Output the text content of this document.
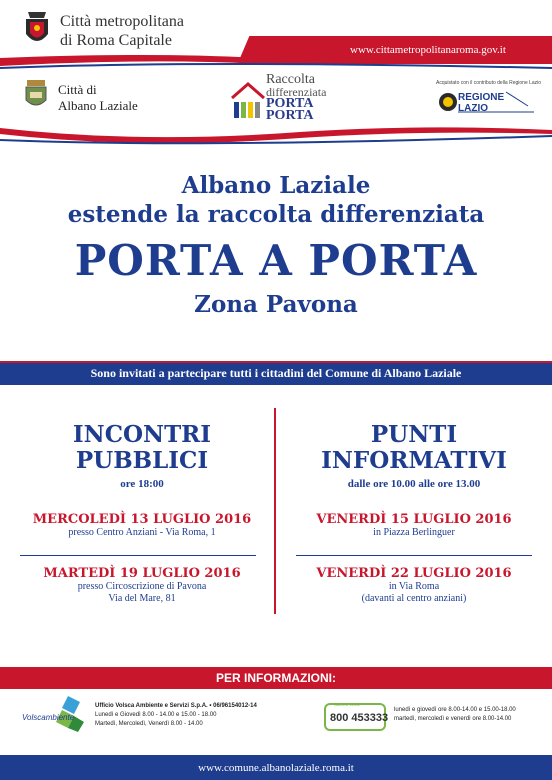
Città metropolitana
di Roma Capitale
www.cittametropolitanaroma.gov.it
Città di
Albano Laziale
Raccolta
differenziata
PORTA
PORTA
Acquistato con il contributo della Regione Lazio
REGIONE
LAZIO
Albano Laziale
estende la raccolta differenziata
PORTA A PORTA
Zona Pavona
Sono invitati a partecipare tutti i cittadini del Comune di Albano Laziale
INCONTRI
PUBBLICI
ore 18:00
MERCOLEDÌ 13 LUGLIO 2016
presso Centro Anziani - Via Roma, 1
MARTEDÌ 19 LUGLIO 2016
presso Circoscrizione di Pavona
Via del Mare, 81
PUNTI
INFORMATIVI
dalle ore 10.00 alle ore 13.00
VENERDÌ 15 LUGLIO 2016
in Piazza Berlinguer
VENERDÌ 22 LUGLIO 2016
in Via Roma
(davanti al centro anziani)
PER INFORMAZIONI:
Volscambiente
Ufficio Volsca Ambiente e Servizi S.p.A. • 06/96154012-14
Lunedì e Giovedì 8.00 - 14.00 e 15.00 - 18.00
Martedì, Mercoledì, Venerdì 8.00 - 14.00
Numero Verde
800 453333
lunedì e giovedì ore 8.00-14.00 e 15.00-18.00
martedì, mercoledì e venerdì ore 8.00-14.00
www.comune.albanolaziale.roma.it
